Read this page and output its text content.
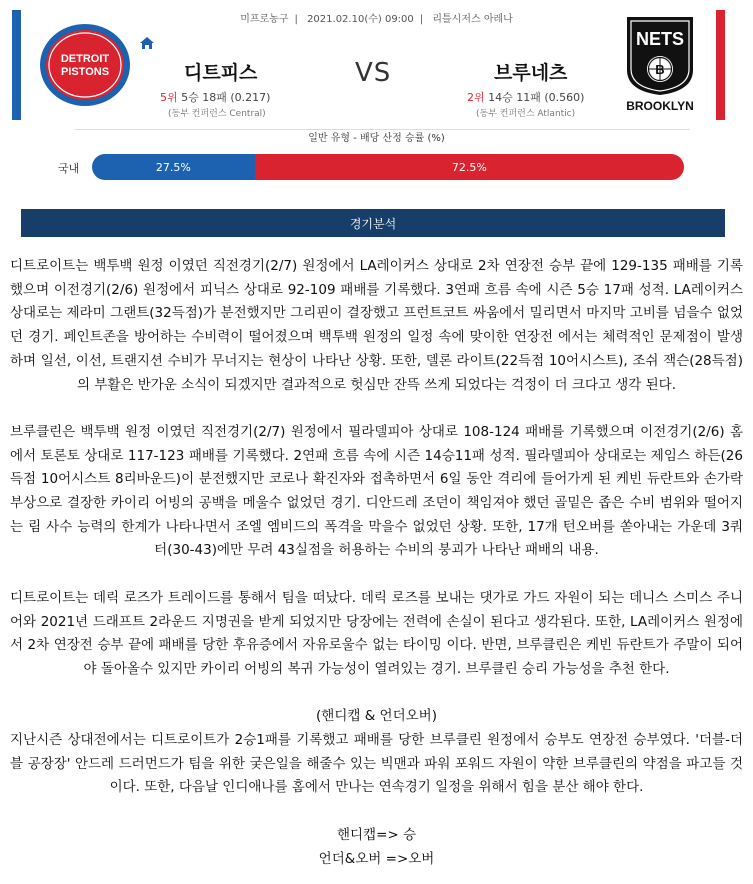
미프로농구 | 2021.02.10(수) 09:00 | 리틀시저스 아레나
DETROIT
PISTONS
NETS
B
BROOKLYN
디트피스	VS	브루네츠
5위 5승 18패 (0.217)	2위 14승 11패 (0.560)
(동부 컨퍼런스 Central)	(동부 컨퍼런스 Atlantic)
일반 유형 - 배당 산정 승률 (%)
국내	27.5%	72.5%
경기분석

디트로이트는 백투백 원정 이였던 직전경기(2/7) 원정에서 LA레이커스 상대로 2차 연장전 승부 끝에 129-135 패배를 기록했으며 이전경기(2/6) 원정에서 피닉스 상대로 92-109 패배를 기록했다. 3연패 흐름 속에 시즌 5승 17패 성적. LA레이커스 상대로는 제라미 그랜트(32득점)가 분전했지만 그리핀이 결장했고 프런트코트 싸움에서 밀리면서 마지막 고비를 넘을수 없었던 경기. 페인트존을 방어하는 수비력이 떨어졌으며 백투백 원정의 일정 속에 맞이한 연장전 에서는 체력적인 문제점이 발생하며 일선, 이선, 트랜지션 수비가 무너지는 현상이 나타난 상황. 또한, 델론 라이트(22득점 10어시스트), 조쉬 잭슨(28득점)의 부활은 반가운 소식이 되겠지만 결과적으로 헛심만 잔뜩 쓰게 되었다는 걱정이 더 크다고 생각 된다.

브루클린은 백투백 원정 이였던 직전경기(2/7) 원정에서 필라델피아 상대로 108-124 패배를 기록했으며 이전경기(2/6) 홈에서 토론토 상대로 117-123 패배를 기록했다. 2연패 흐름 속에 시즌 14승11패 성적. 필라델피아 상대로는 제임스 하든(26득점 10어시스트 8리바운드)이 분전했지만 코로나 확진자와 접촉하면서 6일 동안 격리에 들어가게 된 케빈 듀란트와 손가락 부상으로 결장한 카이리 어빙의 공백을 메울수 없었던 경기. 디안드레 조던이 책임져야 했던 골밑은 좁은 수비 범위와 떨어지는 림 사수 능력의 한계가 나타나면서 조엘 엠비드의 폭격을 막을수 없었던 상황. 또한, 17개 턴오버를 쏟아내는 가운데 3쿼터(30-43)에만 무려 43실점을 허용하는 수비의 붕괴가 나타난 패배의 내용.

디트로이트는 데릭 로즈가 트레이드를 통해서 팀을 떠났다. 데릭 로즈를 보내는 댓가로 가드 자원이 되는 데니스 스미스 주니어와 2021년 드래프트 2라운드 지명권을 받게 되었지만 당장에는 전력에 손실이 된다고 생각된다. 또한, LA레이커스 원정에서 2차 연장전 승부 끝에 패배를 당한 후유증에서 자유로울수 없는 타이밍 이다. 반면, 브루클린은 케빈 듀란트가 주말이 되어야 돌아올수 있지만 카이리 어빙의 복귀 가능성이 열려있는 경기. 브루클린 승리 가능성을 추천 한다.

(핸디캡 & 언더오버)

지난시즌 상대전에서는 디트로이트가 2승1패를 기록했고 패배를 당한 브루클린 원정에서 승부도 연장전 승부였다. '더블-더블 공장장' 안드레 드러먼드가 팀을 위한 궂은일을 해줄수 있는 빅맨과 파워 포워드 자원이 약한 브루클린의 약점을 파고들 것이다. 또한, 다음날 인디애나를 홈에서 만나는 연속경기 일정을 위해서 힘을 분산 해야 한다.

핸디캡=> 승

언더&오버 =>오버
